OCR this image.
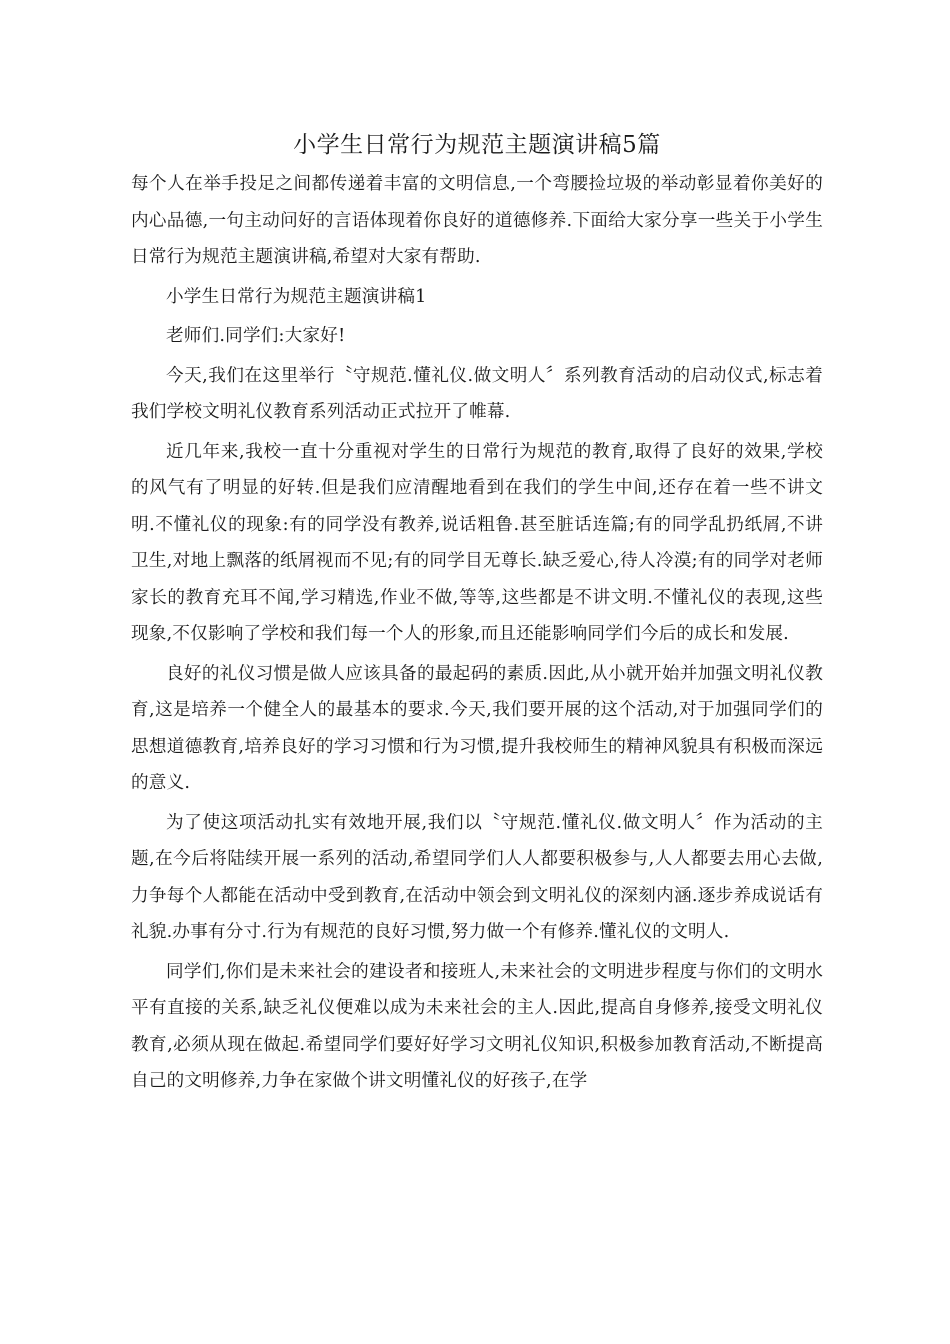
小学生日常行为规范主题演讲稿5篇

每个人在举手投足之间都传递着丰富的文明信息,一个弯腰捡垃圾的举动彰显着你美好的内心品德,一句主动问好的言语体现着你良好的道德修养.下面给大家分享一些关于小学生日常行为规范主题演讲稿,希望对大家有帮助.

小学生日常行为规范主题演讲稿1

老师们.同学们:大家好!

今天,我们在这里举行〝守规范.懂礼仪.做文明人〞系列教育活动的启动仪式,标志着我们学校文明礼仪教育系列活动正式拉开了帷幕.

近几年来,我校一直十分重视对学生的日常行为规范的教育,取得了良好的效果,学校的风气有了明显的好转.但是我们应清醒地看到在我们的学生中间,还存在着一些不讲文明.不懂礼仪的现象:有的同学没有教养,说话粗鲁.甚至脏话连篇;有的同学乱扔纸屑,不讲卫生,对地上飘落的纸屑视而不见;有的同学目无尊长.缺乏爱心,待人冷漠;有的同学对老师家长的教育充耳不闻,学习精选,作业不做,等等,这些都是不讲文明.不懂礼仪的表现,这些现象,不仅影响了学校和我们每一个人的形象,而且还能影响同学们今后的成长和发展.

良好的礼仪习惯是做人应该具备的最起码的素质.因此,从小就开始并加强文明礼仪教育,这是培养一个健全人的最基本的要求.今天,我们要开展的这个活动,对于加强同学们的思想道德教育,培养良好的学习习惯和行为习惯,提升我校师生的精神风貌具有积极而深远的意义.

为了使这项活动扎实有效地开展,我们以〝守规范.懂礼仪.做文明人〞作为活动的主题,在今后将陆续开展一系列的活动,希望同学们人人都要积极参与,人人都要去用心去做,力争每个人都能在活动中受到教育,在活动中领会到文明礼仪的深刻内涵.逐步养成说话有礼貌.办事有分寸.行为有规范的良好习惯,努力做一个有修养.懂礼仪的文明人.

同学们,你们是未来社会的建设者和接班人,未来社会的文明进步程度与你们的文明水平有直接的关系,缺乏礼仪便难以成为未来社会的主人.因此,提高自身修养,接受文明礼仪教育,必须从现在做起.希望同学们要好好学习文明礼仪知识,积极参加教育活动,不断提高自己的文明修养,力争在家做个讲文明懂礼仪的好孩子,在学
